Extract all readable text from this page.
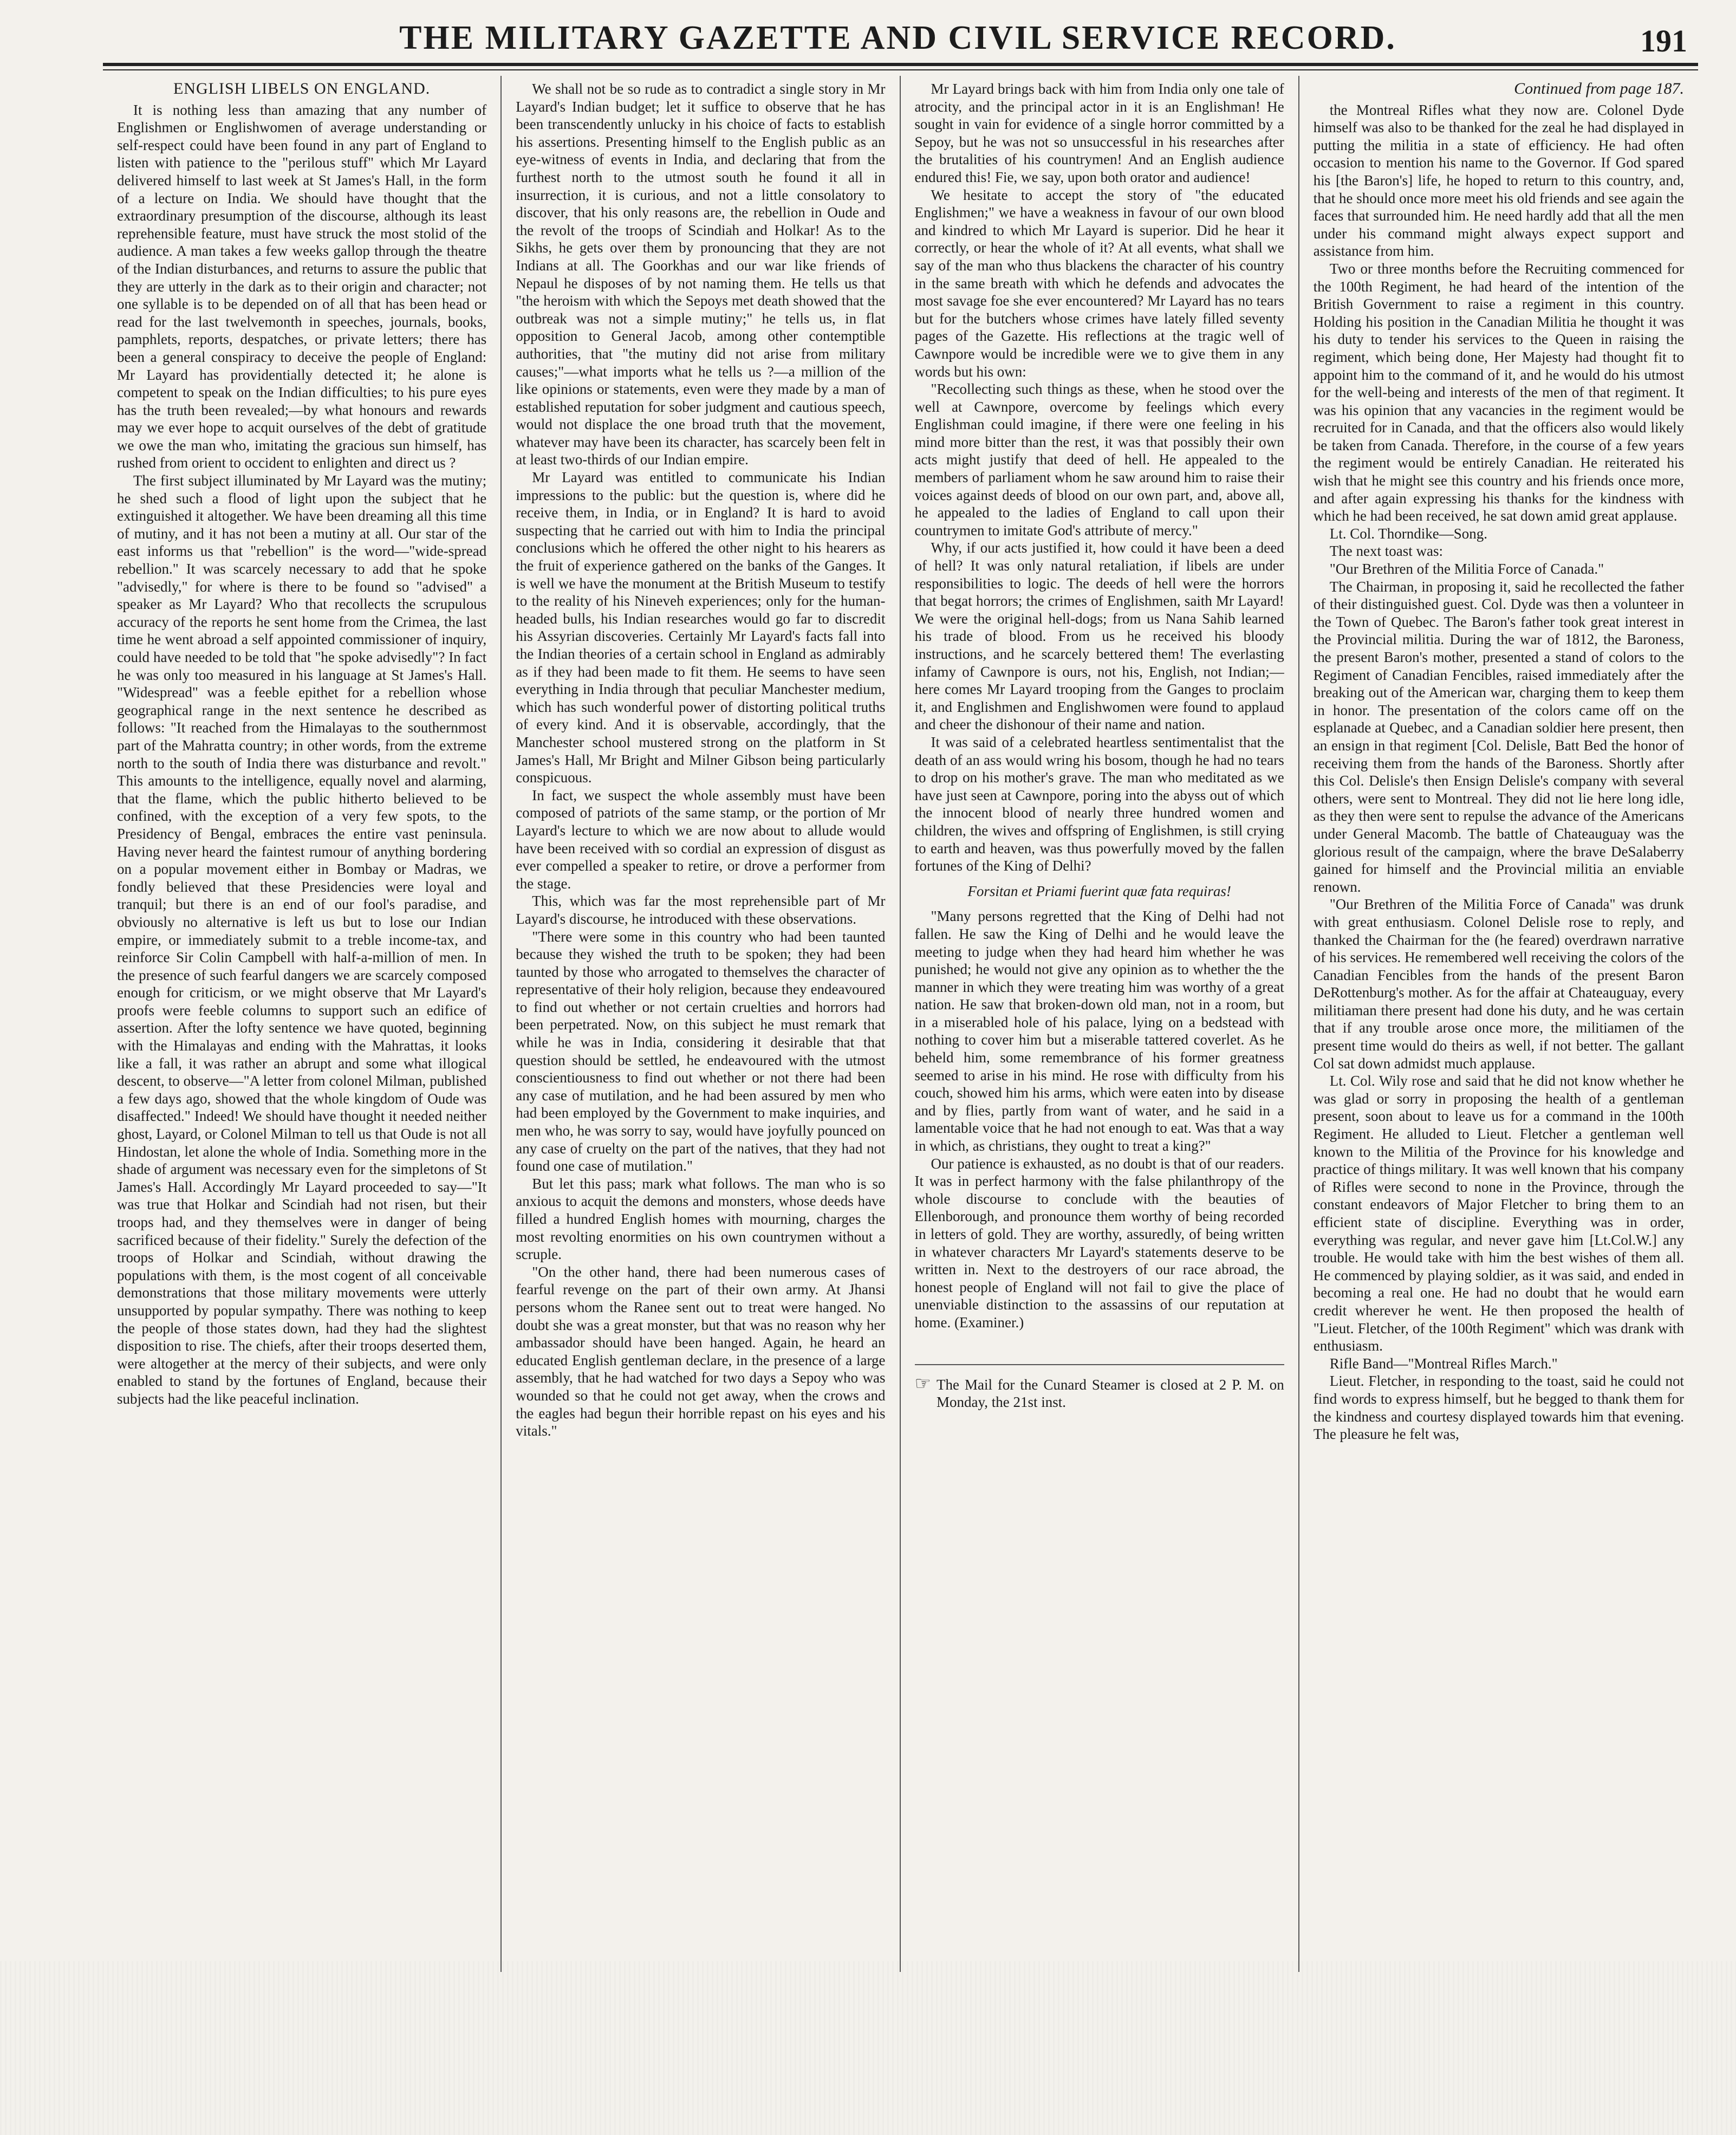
THE MILITARY GAZETTE AND CIVIL SERVICE RECORD.	191
ENGLISH LIBELS ON ENGLAND.

It is nothing less than amazing that any number of Englishmen or Englishwomen of average understanding or self-respect could have been found in any part of England to listen with patience to the "perilous stuff" which Mr Layard delivered himself to last week at St James's Hall, in the form of a lecture on India. We should have thought that the extraordinary presumption of the discourse, although its least reprehensible feature, must have struck the most stolid of the audience. A man takes a few weeks gallop through the theatre of the Indian disturbances, and returns to assure the public that they are utterly in the dark as to their origin and character; not one syllable is to be depended on of all that has been head or read for the last twelvemonth in speeches, journals, books, pamphlets, reports, despatches, or private letters; there has been a general conspiracy to deceive the people of England: Mr Layard has providentially detected it; he alone is competent to speak on the Indian difficulties; to his pure eyes has the truth been revealed;—by what honours and rewards may we ever hope to acquit ourselves of the debt of gratitude we owe the man who, imitating the gracious sun himself, has rushed from orient to occident to enlighten and direct us ?

The first subject illuminated by Mr Layard was the mutiny; he shed such a flood of light upon the subject that he extinguished it altogether. We have been dreaming all this time of mutiny, and it has not been a mutiny at all. Our star of the east informs us that "rebellion" is the word—"wide-spread rebellion." It was scarcely necessary to add that he spoke "advisedly," for where is there to be found so "advised" a speaker as Mr Layard? Who that recollects the scrupulous accuracy of the reports he sent home from the Crimea, the last time he went abroad a self appointed commissioner of inquiry, could have needed to be told that "he spoke advisedly"? In fact he was only too measured in his language at St James's Hall. "Widespread" was a feeble epithet for a rebellion whose geographical range in the next sentence he described as follows: "It reached from the Himalayas to the southernmost part of the Mahratta country; in other words, from the extreme north to the south of India there was disturbance and revolt." This amounts to the intelligence, equally novel and alarming, that the flame, which the public hitherto believed to be confined, with the exception of a very few spots, to the Presidency of Bengal, embraces the entire vast peninsula. Having never heard the faintest rumour of anything bordering on a popular movement either in Bombay or Madras, we fondly believed that these Presidencies were loyal and tranquil; but there is an end of our fool's paradise, and obviously no alternative is left us but to lose our Indian empire, or immediately submit to a treble income-tax, and reinforce Sir Colin Campbell with half-a-million of men. In the presence of such fearful dangers we are scarcely composed enough for criticism, or we might observe that Mr Layard's proofs were feeble columns to support such an edifice of assertion. After the lofty sentence we have quoted, beginning with the Himalayas and ending with the Mahrattas, it looks like a fall, it was rather an abrupt and some what illogical descent, to observe—"A letter from colonel Milman, published a few days ago, showed that the whole kingdom of Oude was disaffected." Indeed! We should have thought it needed neither ghost, Layard, or Colonel Milman to tell us that Oude is not all Hindostan, let alone the whole of India. Something more in the shade of argument was necessary even for the simpletons of St James's Hall. Accordingly Mr Layard proceeded to say—"It was true that Holkar and Scindiah had not risen, but their troops had, and they themselves were in danger of being sacrificed because of their fidelity." Surely the defection of the troops of Holkar and Scindiah, without drawing the populations with them, is the most cogent of all conceivable demonstrations that those military movements were utterly unsupported by popular sympathy. There was nothing to keep the people of those states down, had they had the slightest disposition to rise. The chiefs, after their troops deserted them, were altogether at the mercy of their subjects, and were only enabled to stand by the fortunes of England, because their subjects had the like peaceful inclination.

We shall not be so rude as to contradict a single story in Mr Layard's Indian budget; let it suffice to observe that he has been transcendently unlucky in his choice of facts to establish his assertions. Presenting himself to the English public as an eye-witness of events in India, and declaring that from the furthest north to the utmost south he found it all in insurrection, it is curious, and not a little consolatory to discover, that his only reasons are, the rebellion in Oude and the revolt of the troops of Scindiah and Holkar! As to the Sikhs, he gets over them by pronouncing that they are not Indians at all. The Goorkhas and our war like friends of Nepaul he disposes of by not naming them. He tells us that "the heroism with which the Sepoys met death showed that the outbreak was not a simple mutiny;" he tells us, in flat opposition to General Jacob, among other contemptible authorities, that "the mutiny did not arise from military causes;"—what imports what he tells us ?—a million of the like opinions or statements, even were they made by a man of established reputation for sober judgment and cautious speech, would not displace the one broad truth that the movement, whatever may have been its character, has scarcely been felt in at least two-thirds of our Indian empire.

Mr Layard was entitled to communicate his Indian impressions to the public: but the question is, where did he receive them, in India, or in England? It is hard to avoid suspecting that he carried out with him to India the principal conclusions which he offered the other night to his hearers as the fruit of experience gathered on the banks of the Ganges. It is well we have the monument at the British Museum to testify to the reality of his Nineveh experiences; only for the human-headed bulls, his Indian researches would go far to discredit his Assyrian discoveries. Certainly Mr Layard's facts fall into the Indian theories of a certain school in England as admirably as if they had been made to fit them. He seems to have seen everything in India through that peculiar Manchester medium, which has such wonderful power of distorting political truths of every kind. And it is observable, accordingly, that the Manchester school mustered strong on the platform in St James's Hall, Mr Bright and Milner Gibson being particularly conspicuous.

In fact, we suspect the whole assembly must have been composed of patriots of the same stamp, or the portion of Mr Layard's lecture to which we are now about to allude would have been received with so cordial an expression of disgust as ever compelled a speaker to retire, or drove a performer from the stage.

This, which was far the most reprehensible part of Mr Layard's discourse, he introduced with these observations.

"There were some in this country who had been taunted because they wished the truth to be spoken; they had been taunted by those who arrogated to themselves the character of representative of their holy religion, because they endeavoured to find out whether or not certain cruelties and horrors had been perpetrated. Now, on this subject he must remark that while he was in India, considering it desirable that that question should be settled, he endeavoured with the utmost conscientiousness to find out whether or not there had been any case of mutilation, and he had been assured by men who had been employed by the Government to make inquiries, and men who, he was sorry to say, would have joyfully pounced on any case of cruelty on the part of the natives, that they had not found one case of mutilation."

But let this pass; mark what follows. The man who is so anxious to acquit the demons and monsters, whose deeds have filled a hundred English homes with mourning, charges the most revolting enormities on his own countrymen without a scruple.

"On the other hand, there had been numerous cases of fearful revenge on the part of their own army. At Jhansi persons whom the Ranee sent out to treat were hanged. No doubt she was a great monster, but that was no reason why her ambassador should have been hanged. Again, he heard an educated English gentleman declare, in the presence of a large assembly, that he had watched for two days a Sepoy who was wounded so that he could not get away, when the crows and the eagles had begun their horrible repast on his eyes and his vitals."

Mr Layard brings back with him from India only one tale of atrocity, and the principal actor in it is an Englishman! He sought in vain for evidence of a single horror committed by a Sepoy, but he was not so unsuccessful in his researches after the brutalities of his countrymen! And an English audience endured this! Fie, we say, upon both orator and audience!

We hesitate to accept the story of "the educated Englishmen;" we have a weakness in favour of our own blood and kindred to which Mr Layard is superior. Did he hear it correctly, or hear the whole of it? At all events, what shall we say of the man who thus blackens the character of his country in the same breath with which he defends and advocates the most savage foe she ever encountered? Mr Layard has no tears but for the butchers whose crimes have lately filled seventy pages of the Gazette. His reflections at the tragic well of Cawnpore would be incredible were we to give them in any words but his own:

"Recollecting such things as these, when he stood over the well at Cawnpore, overcome by feelings which every Englishman could imagine, if there were one feeling in his mind more bitter than the rest, it was that possibly their own acts might justify that deed of hell. He appealed to the members of parliament whom he saw around him to raise their voices against deeds of blood on our own part, and, above all, he appealed to the ladies of England to call upon their countrymen to imitate God's attribute of mercy."

Why, if our acts justified it, how could it have been a deed of hell? It was only natural retaliation, if libels are under responsibilities to logic. The deeds of hell were the horrors that begat horrors; the crimes of Englishmen, saith Mr Layard! We were the original hell-dogs; from us Nana Sahib learned his trade of blood. From us he received his bloody instructions, and he scarcely bettered them! The everlasting infamy of Cawnpore is ours, not his, English, not Indian;—here comes Mr Layard trooping from the Ganges to proclaim it, and Englishmen and Englishwomen were found to applaud and cheer the dishonour of their name and nation.

It was said of a celebrated heartless sentimentalist that the death of an ass would wring his bosom, though he had no tears to drop on his mother's grave. The man who meditated as we have just seen at Cawnpore, poring into the abyss out of which the innocent blood of nearly three hundred women and children, the wives and offspring of Englishmen, is still crying to earth and heaven, was thus powerfully moved by the fallen fortunes of the King of Delhi?

Forsitan et Priami fuerint quæ fata requiras!

"Many persons regretted that the King of Delhi had not fallen. He saw the King of Delhi and he would leave the meeting to judge when they had heard him whether he was punished; he would not give any opinion as to whether the the manner in which they were treating him was worthy of a great nation. He saw that broken-down old man, not in a room, but in a miserabled hole of his palace, lying on a bedstead with nothing to cover him but a miserable tattered coverlet. As he beheld him, some remembrance of his former greatness seemed to arise in his mind. He rose with difficulty from his couch, showed him his arms, which were eaten into by disease and by flies, partly from want of water, and he said in a lamentable voice that he had not enough to eat. Was that a way in which, as christians, they ought to treat a king?"

Our patience is exhausted, as no doubt is that of our readers. It was in perfect harmony with the false philanthropy of the whole discourse to conclude with the beauties of Ellenborough, and pronounce them worthy of being recorded in letters of gold. They are worthy, assuredly, of being written in whatever characters Mr Layard's statements deserve to be written in. Next to the destroyers of our race abroad, the honest people of England will not fail to give the place of unenviable distinction to the assassins of our reputation at home. (Examiner.)

☞ The Mail for the Cunard Steamer is closed at 2 P. M. on Monday, the 21st inst.
Continued from page 187.

the Montreal Rifles what they now are. Colonel Dyde himself was also to be thanked for the zeal he had displayed in putting the militia in a state of efficiency. He had often occasion to mention his name to the Governor. If God spared his [the Baron's] life, he hoped to return to this country, and, that he should once more meet his old friends and see again the faces that surrounded him. He need hardly add that all the men under his command might always expect support and assistance from him.

Two or three months before the Recruiting commenced for the 100th Regiment, he had heard of the intention of the British Government to raise a regiment in this country. Holding his position in the Canadian Militia he thought it was his duty to tender his services to the Queen in raising the regiment, which being done, Her Majesty had thought fit to appoint him to the command of it, and he would do his utmost for the well-being and interests of the men of that regiment. It was his opinion that any vacancies in the regiment would be recruited for in Canada, and that the officers also would likely be taken from Canada. Therefore, in the course of a few years the regiment would be entirely Canadian. He reiterated his wish that he might see this country and his friends once more, and after again expressing his thanks for the kindness with which he had been received, he sat down amid great applause.

Lt. Col. Thorndike—Song.

The next toast was:

"Our Brethren of the Militia Force of Canada."

The Chairman, in proposing it, said he recollected the father of their distinguished guest. Col. Dyde was then a volunteer in the Town of Quebec. The Baron's father took great interest in the Provincial militia. During the war of 1812, the Baroness, the present Baron's mother, presented a stand of colors to the Regiment of Canadian Fencibles, raised immediately after the breaking out of the American war, charging them to keep them in honor. The presentation of the colors came off on the esplanade at Quebec, and a Canadian soldier here present, then an ensign in that regiment [Col. Delisle, Batt Bed the honor of receiving them from the hands of the Baroness. Shortly after this Col. Delisle's then Ensign Delisle's company with several others, were sent to Montreal. They did not lie here long idle, as they then were sent to repulse the advance of the Americans under General Macomb. The battle of Chateauguay was the glorious result of the campaign, where the brave DeSalaberry gained for himself and the Provincial militia an enviable renown.

"Our Brethren of the Militia Force of Canada" was drunk with great enthusiasm. Colonel Delisle rose to reply, and thanked the Chairman for the (he feared) overdrawn narrative of his services. He remembered well receiving the colors of the Canadian Fencibles from the hands of the present Baron DeRottenburg's mother. As for the affair at Chateauguay, every militiaman there present had done his duty, and he was certain that if any trouble arose once more, the militiamen of the present time would do theirs as well, if not better. The gallant Col sat down admidst much applause.

Lt. Col. Wily rose and said that he did not know whether he was glad or sorry in proposing the health of a gentleman present, soon about to leave us for a command in the 100th Regiment. He alluded to Lieut. Fletcher a gentleman well known to the Militia of the Province for his knowledge and practice of things military. It was well known that his company of Rifles were second to none in the Province, through the constant endeavors of Major Fletcher to bring them to an efficient state of discipline. Everything was in order, everything was regular, and never gave him [Lt.Col.W.] any trouble. He would take with him the best wishes of them all. He commenced by playing soldier, as it was said, and ended in becoming a real one. He had no doubt that he would earn credit wherever he went. He then proposed the health of "Lieut. Fletcher, of the 100th Regiment" which was drank with enthusiasm.

Rifle Band—"Montreal Rifles March."

Lieut. Fletcher, in responding to the toast, said he could not find words to express himself, but he begged to thank them for the kindness and courtesy displayed towards him that evening. The pleasure he felt was,
